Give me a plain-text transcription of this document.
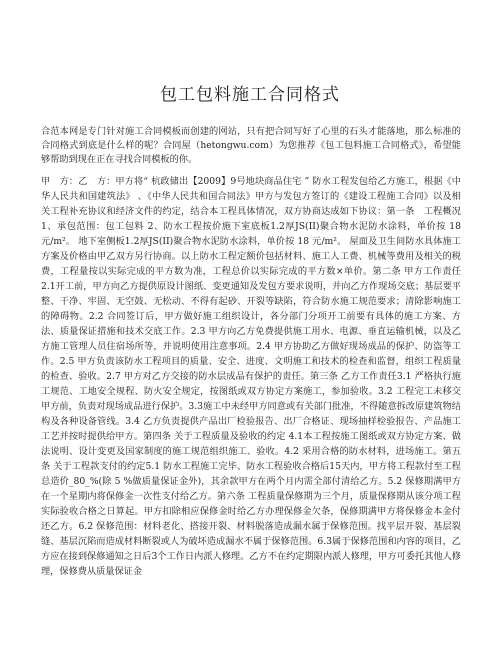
包工包料施工合同格式
合范本网是专门针对施工合同模板而创建的网站，只有把合同写好了心里的石头才能落地，那么标准的合同格式到底是什么样的呢？合同屋（hetongwu.com）为您推荐《包工包料施工合同格式》，希望能够帮助到现在正在寻找合同模板的你。
甲　方：乙　方：甲方将“ 杭政储出【2009】9号地块商品住宅 ” 防水工程发包给乙方施工，根据《中华人民共和国建筑法》 、《中华人民共和国合同法》甲方与发包方签订的《建设工程施工合同》以及相关工程补充协议和经济文件的约定，结合本工程具体情况，双方协商达成如下协议：第一条　工程概况1、承包范围：包工包料 2、防水工程按价施下室底板1.2厚JS(II)聚合物水泥防水涂料，单价按 18 元/m²。 地下室侧板1.2厚JS(II)聚合物水泥防水涂料，单价按 18 元/m²。 屋面及卫生间防水具体施工方案及价格由甲乙双方另行协商。以上防水工程定额价包括材料、施工人工费、机械等费用及相关的税费，工程量按以实际完成的平方数为准，工程总价以实际完成的平方数×单价。第二条 甲方工作责任2.1开工前，甲方向乙方提供原设计图纸、变更通知及发包方要求说明，并向乙方作现场交底；基层要平整、干净、牢固、无空鼓、无松动、不得有起砂、开裂等缺陷，符合防水施工规范要求；清除影响施工的障碍物。2.2 合同签订后，甲方做好施工组织设计，各分部门分项开工前要有具体的施工方案、方法、质量保证措施和技术交底工作。2.3 甲方向乙方免费提供施工用水、电源、垂直运输机械，以及乙方施工管理人员住宿场所等，并说明使用注意事项。2.4 甲方协助乙方做好现场成品的保护、防盗等工作。2.5 甲方负责该防水工程项目的质量、安全、进度、文明施工和技术的检查和监督，组织工程质量的检查、验收。2.7 甲方对乙方交接的防水层成品有保护的责任。第三条 乙方工作责任3.1 严格执行施工规范、工地安全规程、防火安全规定，按图纸或双方协定方案施工，参加验收。3.2 工程完工未移交甲方前，负责对现场成品进行保护。3.3施工中未经甲方同意或有关部门批准，不得随意拆改原建筑物结构及各种设备管线。3.4 乙方负责提供产品出厂检验报告、出厂合格证、现场抽样检验报告、产品施工工艺并按时提供给甲方。第四条 关于工程质量及验收的约定 4.1本工程按施工图纸或双方协定方案、做法说明、设计变更及国家制度的施工规范组织施工、验收。4.2 采用合格的防水材料，进场施工。第五条 关于工程款支付的约定5.1 防水工程施工完毕、防水工程验收合格后15天内，甲方将工程款付至工程总造价_80_%(除 5 %做质量保证金外)，其余款甲方在两个月内需全部付清给乙方。5.2 保修期满甲方在一个星期内将保修金一次性支付给乙方。第六条 工程质量保修期为三个月，质量保修期从该分项工程实际验收合格之日算起。甲方扣除相应保修金时给乙方办理保修金欠条，保修期满甲方将保修金本金付还乙方。6.2 保修范围：材料老化、搭接开裂、材料脱落造成漏水属于保修范围。找平层开裂、基层裂缝、基层沉陷而造成材料断裂或人为破坏造成漏水不属于保修范围。6.3属于保修范围和内容的项目，乙方应在接到保修通知之日后3个工作日内派人修理。乙方不在约定期限内派人修理，甲方可委托其他人修理，保修费从质量保证金
